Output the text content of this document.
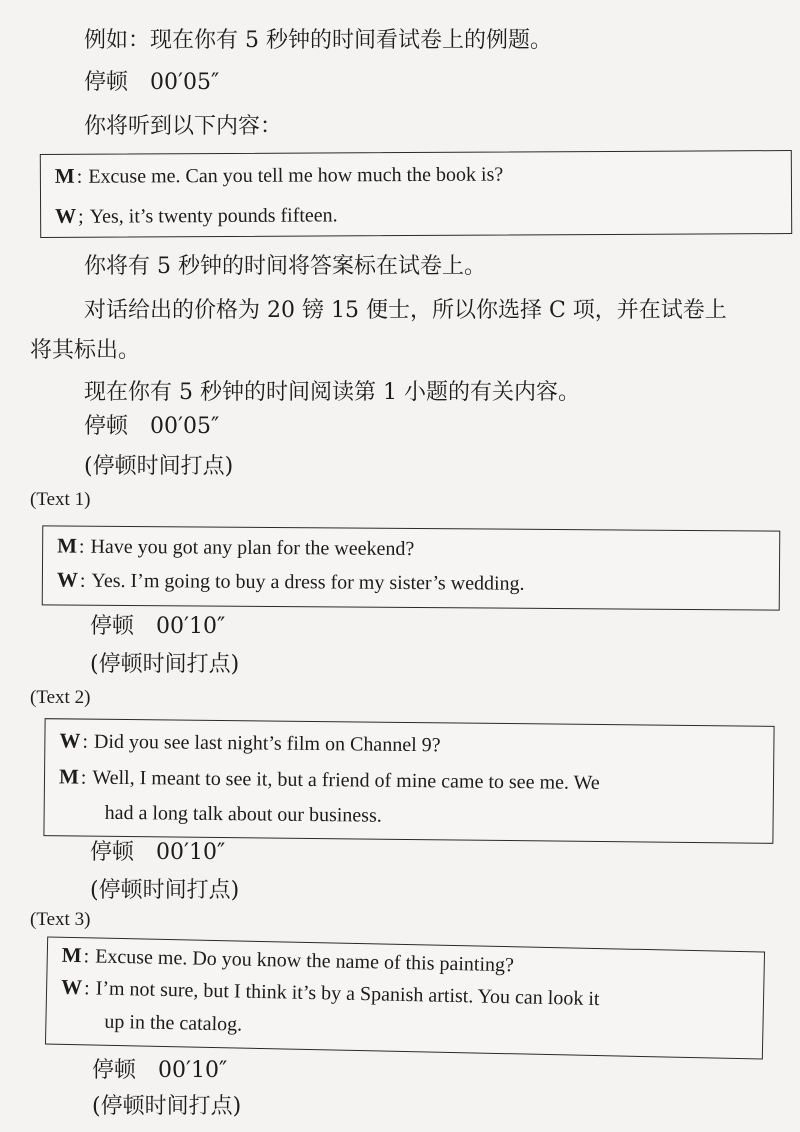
例如：现在你有 5 秒钟的时间看试卷上的例题。
停顿　00′05″
你将听到以下内容：
M: Excuse me. Can you tell me how much the book is?
W; Yes, it’s twenty pounds fifteen.
你将有 5 秒钟的时间将答案标在试卷上。
对话给出的价格为 20 镑 15 便士，所以你选择 C 项，并在试卷上
将其标出。
现在你有 5 秒钟的时间阅读第 1 小题的有关内容。
停顿　00′05″
(停顿时间打点)
(Text 1)
M: Have you got any plan for the weekend?
W: Yes. I’m going to buy a dress for my sister’s wedding.
停顿　00′10″
(停顿时间打点)
(Text 2)
W: Did you see last night’s film on Channel 9?
M: Well, I meant to see it, but a friend of mine came to see me. We
had a long talk about our business.
停顿　00′10″
(停顿时间打点)
(Text 3)
M: Excuse me. Do you know the name of this painting?
W: I’m not sure, but I think it’s by a Spanish artist. You can look it
up in the catalog.
停顿　00′10″
(停顿时间打点)
